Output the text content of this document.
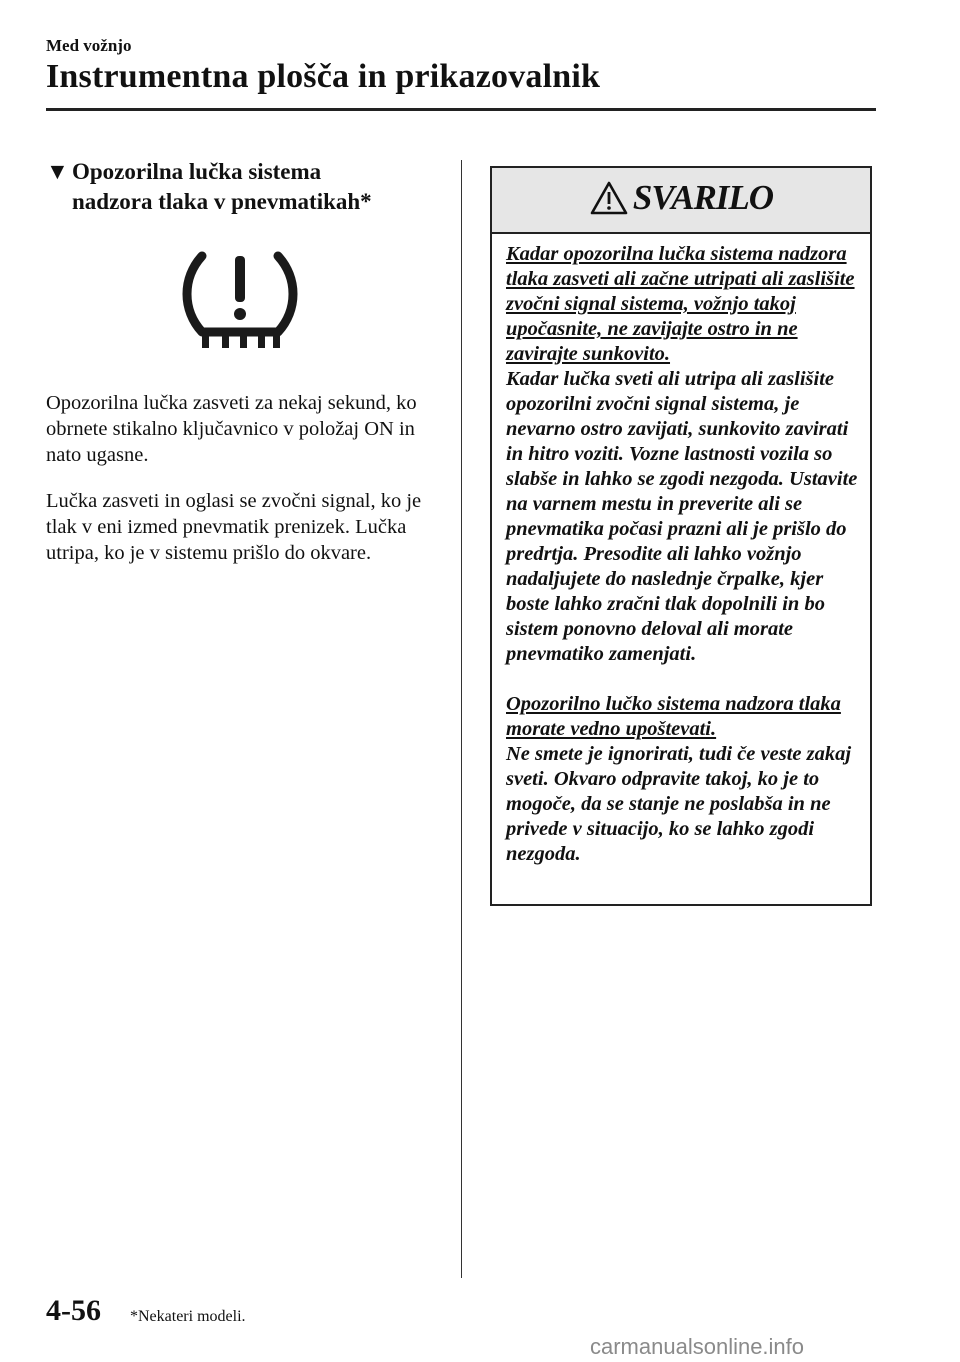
Med vožnjo
Instrumentna plošča in prikazovalnik
▼ Opozorilna lučka sistema
nadzora tlaka v pnevmatikah*
Opozorilna lučka zasveti za nekaj sekund, ko obrnete stikalno ključavnico v položaj ON in nato ugasne.
Lučka zasveti in oglasi se zvočni signal, ko je tlak v eni izmed pnevmatik prenizek. Lučka utripa, ko je v sistemu prišlo do okvare.
SVARILO

Kadar opozorilna lučka sistema nadzora tlaka zasveti ali začne utripati ali zaslišite zvočni signal sistema, vožnjo takoj upočasnite, ne zavijajte ostro in ne zavirajte sunkovito.

Kadar lučka sveti ali utripa ali zaslišite opozorilni zvočni signal sistema, je nevarno ostro zavijati, sunkovito zavirati in hitro voziti. Vozne lastnosti vozila so slabše in lahko se zgodi nezgoda. Ustavite na varnem mestu in preverite ali se pnevmatika počasi prazni ali je prišlo do predrtja. Presodite ali lahko vožnjo nadaljujete do naslednje črpalke, kjer boste lahko zračni tlak dopolnili in bo sistem ponovno deloval ali morate pnevmatiko zamenjati.

Opozorilno lučko sistema nadzora tlaka morate vedno upoštevati.

Ne smete je ignorirati, tudi če veste zakaj sveti. Okvaro odpravite takoj, ko je to mogoče, da se stanje ne poslabša in ne privede v situacijo, ko se lahko zgodi nezgoda.

4-56 *Nekateri modeli.
carmanualsonline.info
